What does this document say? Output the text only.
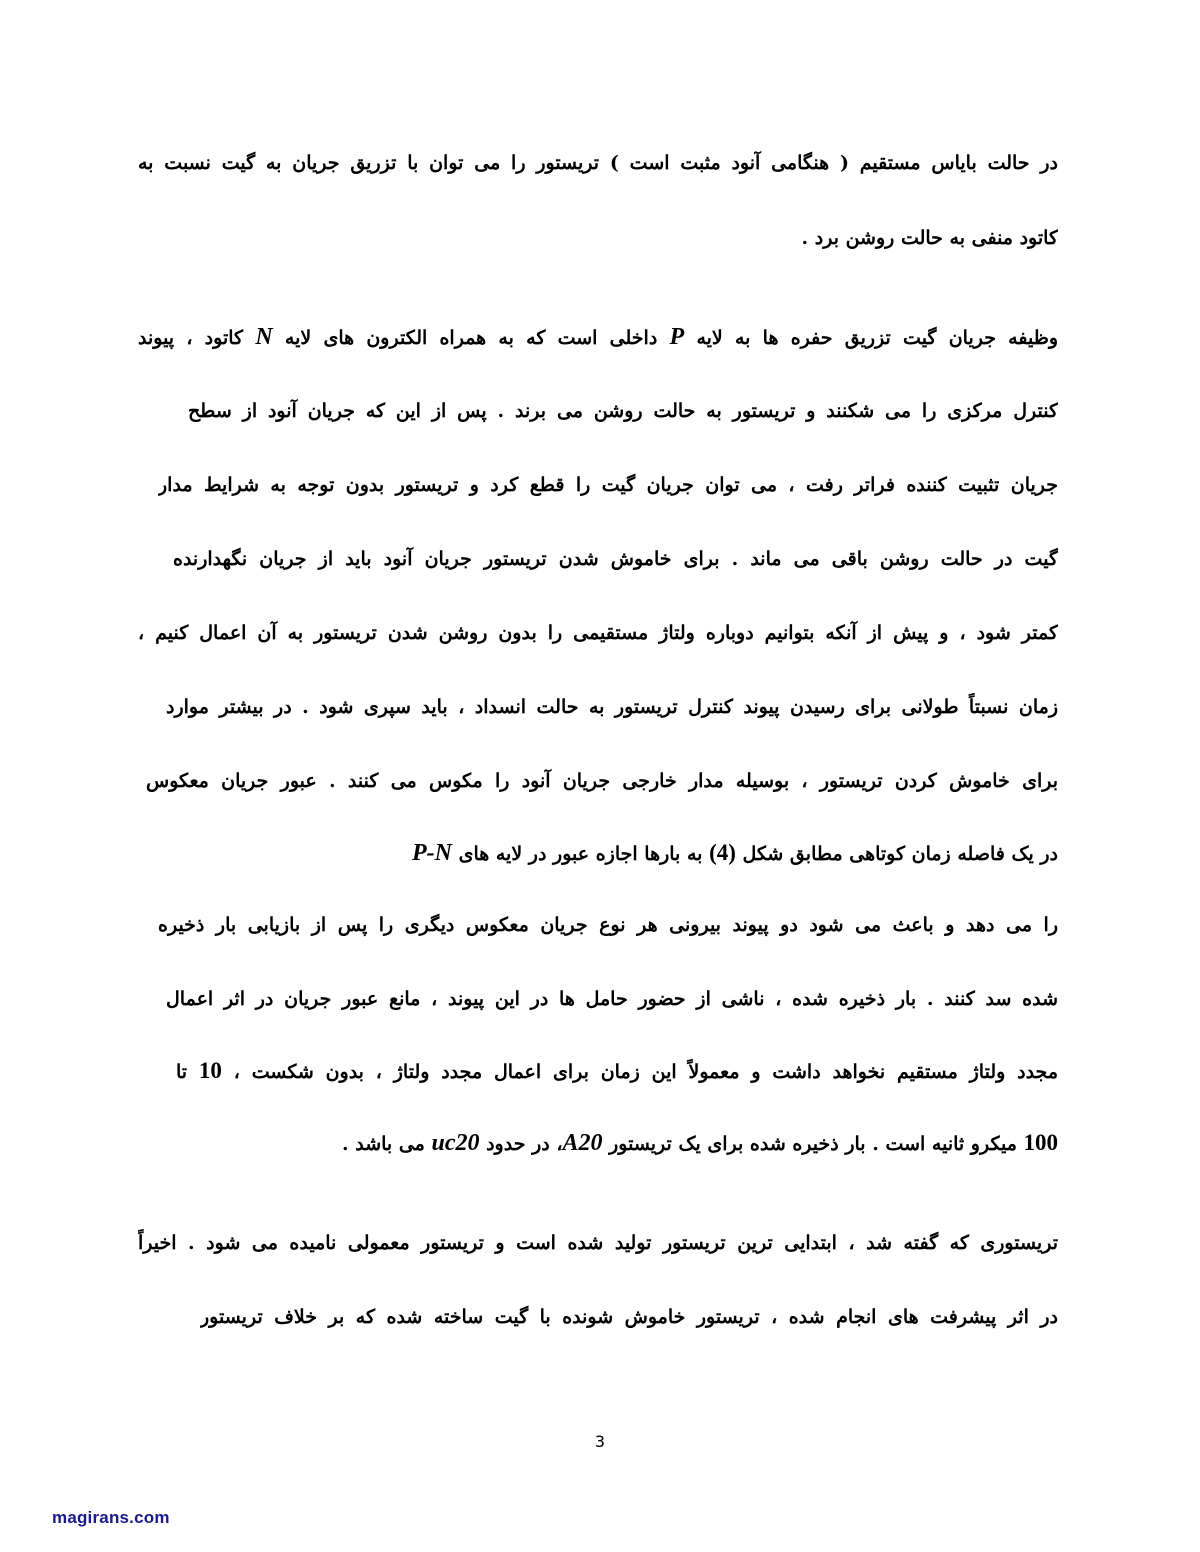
در حالت بایاس مستقیم ( هنگامی آنود مثبت است ) تریستور را می توان با تزریق جریان به گیت نسبت به
کاتود منفی به حالت روشن برد .
وظیفه جریان گیت تزریق حفره ها به لایه P داخلی است که به همراه الکترون های لایه N کاتود ، پیوند
کنترل مرکزی را می شکنند و تریستور به حالت روشن می برند . پس از این که جریان آنود از سطح
جریان تثبیت کننده فراتر رفت ، می توان جریان گیت را قطع کرد و تریستور بدون توجه به شرایط مدار
گیت در حالت روشن باقی می ماند . برای خاموش شدن تریستور جریان آنود باید از جریان نگهدارنده
کمتر شود ، و پیش از آنکه بتوانیم دوباره ولتاژ مستقیمی را بدون روشن شدن تریستور به آن اعمال کنیم ،
زمان نسبتاً طولانی برای رسیدن پیوند کنترل تریستور به حالت انسداد ، باید سپری شود . در بیشتر موارد
برای خاموش کردن تریستور ، بوسیله مدار خارجی جریان آنود را مکوس می کنند . عبور جریان معکوس
در یک فاصله زمان کوتاهی مطابق شکل (4) به بارها اجازه عبور در لایه های P-N
را می دهد و باعث می شود دو پیوند بیرونی هر نوع جریان معکوس دیگری را پس از بازیابی بار ذخیره
شده سد کنند . بار ذخیره شده ، ناشی از حضور حامل ها در این پیوند ، مانع عبور جریان در اثر اعمال
مجدد ولتاژ مستقیم نخواهد داشت و معمولاً این زمان برای اعمال مجدد ولتاژ ، بدون شکست ، 10 تا
100 میکرو ثانیه است . بار ذخیره شده برای یک تریستور A20، در حدود uc20 می باشد .
تریستوری که گفته شد ، ابتدایی ترین تریستور تولید شده است و تریستور معمولی نامیده می شود . اخیراً
در اثر پیشرفت های انجام شده ، تریستور خاموش شونده با گیت ساخته شده که بر خلاف تریستور
3
magirans.com
